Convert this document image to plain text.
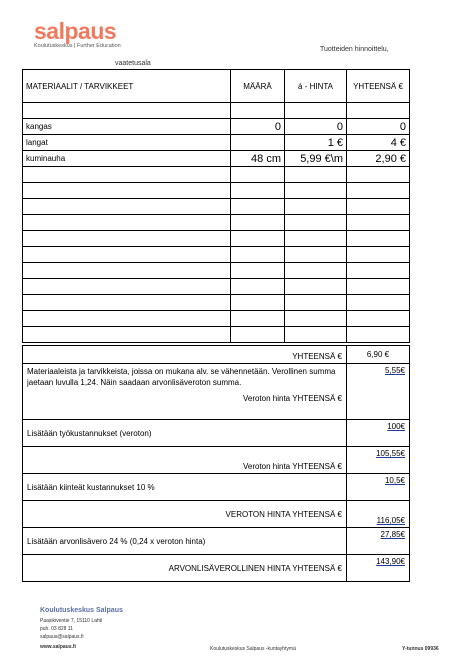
salpaus
Koulutuskeskus | Further Education	Tuotteiden hinnoittelu,
vaatetusala
MATERIAALIT / TARVIKKEET	MÄÄRÄ	á - HINTA	YHTEENSÄ €

kangas	0	0	0
langat		1 €	4 €
kuminauha	48 cm	5,99 €\m	2,90 €

YHTEENSÄ €	6,90 €

Materiaaleista ja tarvikkeista, joissa on mukana alv. se vähennetään. Verollinen summa jaetaan luvulla 1,24. Näin saadaan arvonlisäveroton summa.
Veroton hinta YHTEENSÄ €	5,55€
Lisätään työkustannukset (veroton)	100€
Veroton hinta YHTEENSÄ €	105,55€
Lisätään kiinteät kustannukset 10 %	10,5€
VEROTON HINTA YHTEENSÄ €	116,05€
Lisätään arvonlisävero 24 % (0,24 x veroton hinta)	27,85€
ARVONLISÄVEROLLINEN HINTA YHTEENSÄ €	143,90€
Koulutuskeskus Salpaus
Paasikiventie 7, 15110 Lahti
puh. 03 828 11
salpaus@salpaus.fi
www.salpaus.fi	Koulutuskeskus Salpaus -kuntayhtymä	Y-tunnus 09936
